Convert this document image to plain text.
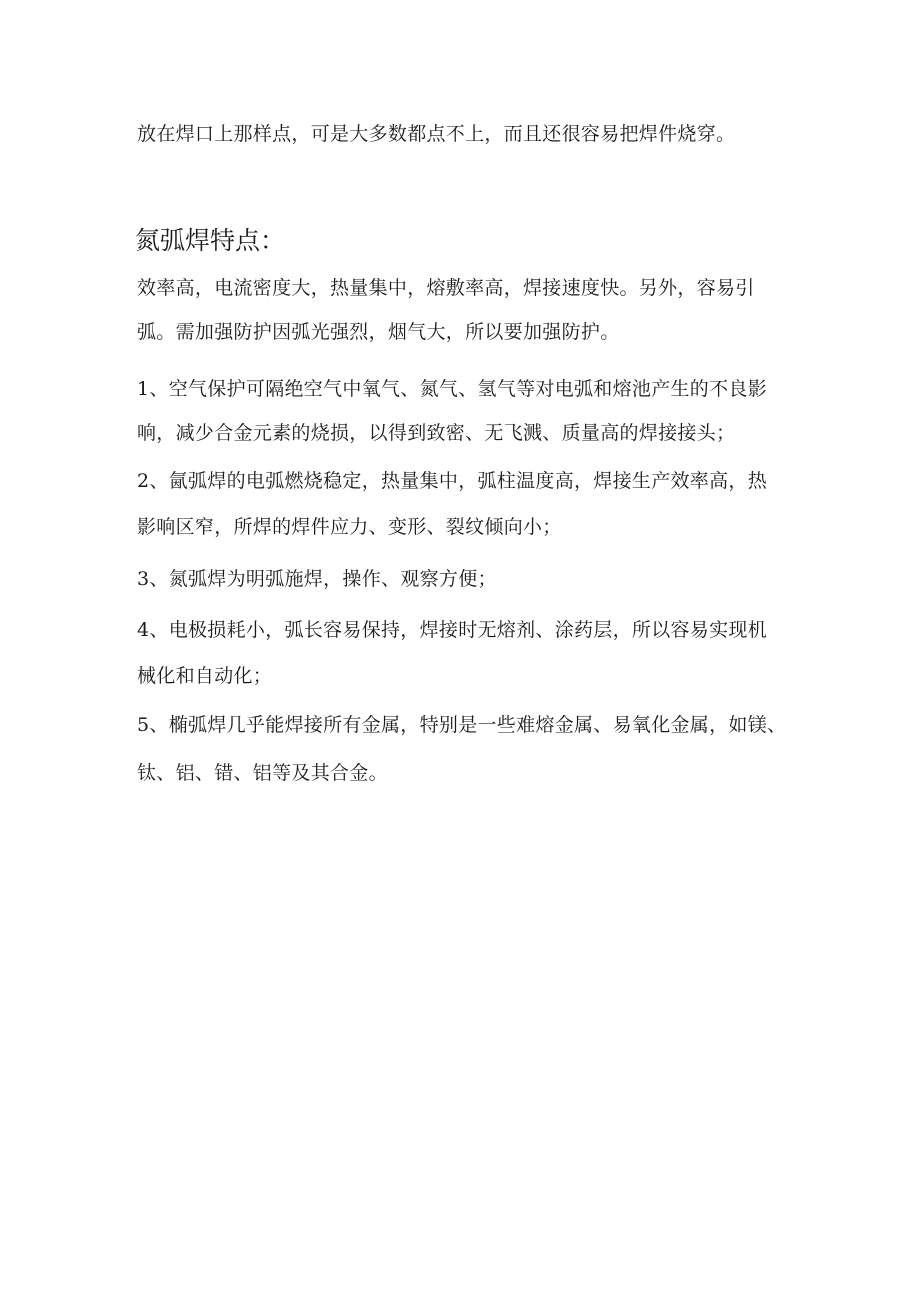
放在焊口上那样点，可是大多数都点不上，而且还很容易把焊件烧穿。
氮弧焊特点：
效率高，电流密度大，热量集中，熔敷率高，焊接速度快。另外，容易引
弧。需加强防护因弧光强烈，烟气大，所以要加强防护。
1、空气保护可隔绝空气中氧气、氮气、氢气等对电弧和熔池产生的不良影
响，减少合金元素的烧损，以得到致密、无飞溅、质量高的焊接接头；
2、氤弧焊的电弧燃烧稳定，热量集中，弧柱温度高，焊接生产效率高，热
影响区窄，所焊的焊件应力、变形、裂纹倾向小；
3、氮弧焊为明弧施焊，操作、观察方便；
4、电极损耗小，弧长容易保持，焊接时无熔剂、涂药层，所以容易实现机
械化和自动化；
5、椭弧焊几乎能焊接所有金属，特别是一些难熔金属、易氧化金属，如镁、
钛、铝、错、铝等及其合金。
